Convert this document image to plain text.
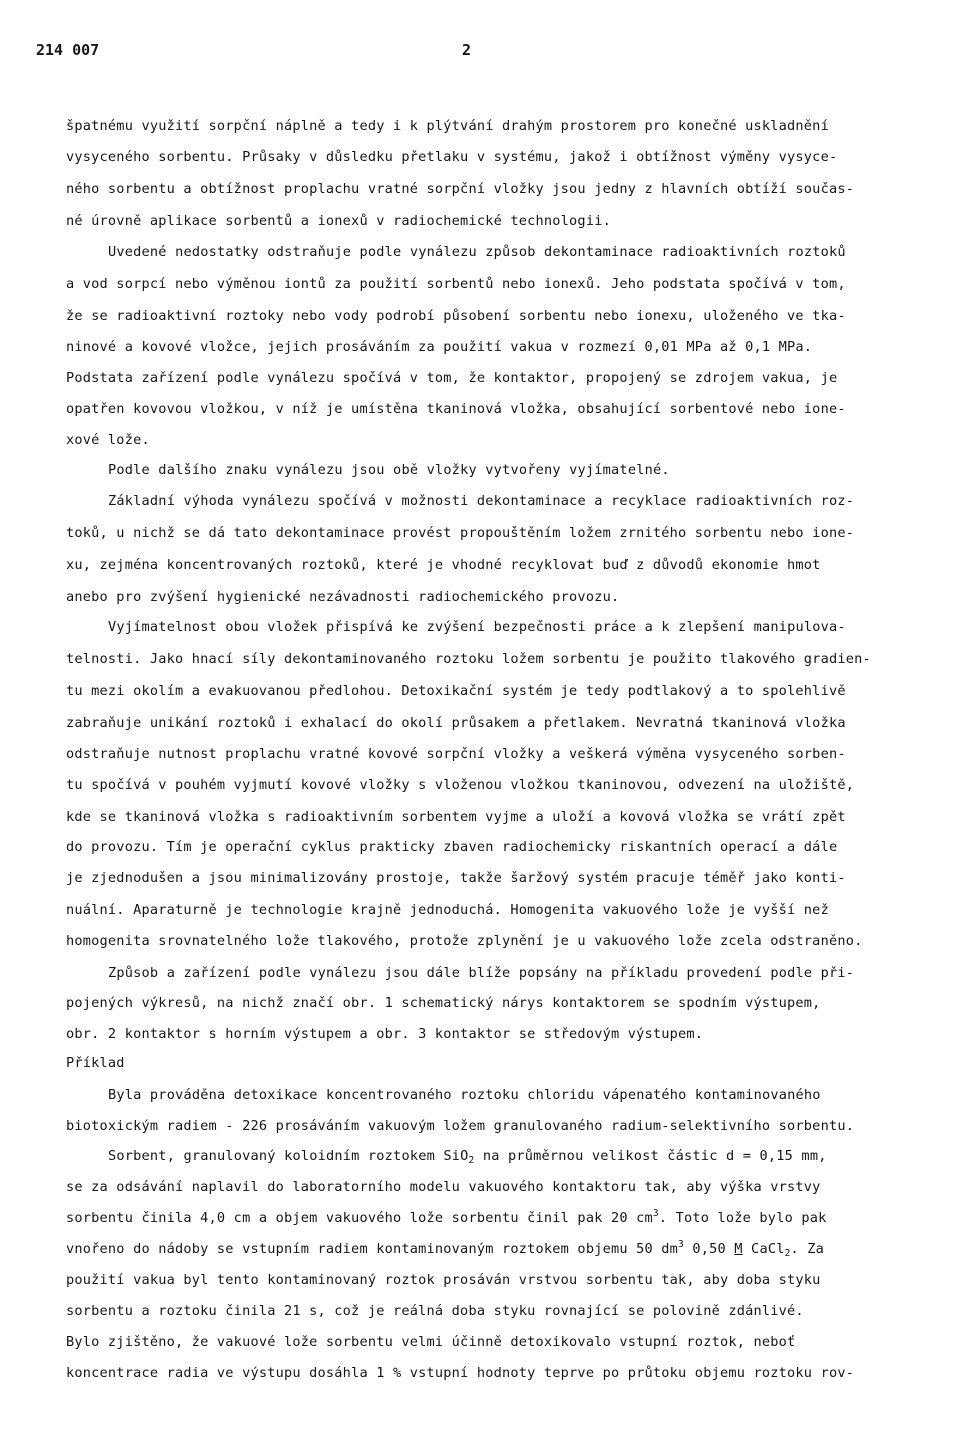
214 007	2
špatnému využití sorpční náplně a tedy i k plýtvání drahým prostorem pro konečné uskladnění
vysyceného sorbentu. Průsaky v důsledku přetlaku v systému, jakož i obtížnost výměny vysyce-
ného sorbentu a obtížnost proplachu vratné sorpční vložky jsou jedny z hlavních obtíží součas-
né úrovně aplikace sorbentů a ionexů v radiochemické technologii.
Uvedené nedostatky odstraňuje podle vynálezu způsob dekontaminace radioaktivních roztoků
a vod sorpcí nebo výměnou iontů za použití sorbentů nebo ionexů. Jeho podstata spočívá v tom,
že se radioaktivní roztoky nebo vody podrobí působení sorbentu nebo ionexu, uloženého ve tka-
ninové a kovové vložce, jejich prosáváním za použití vakua v rozmezí 0,01 MPa až 0,1 MPa.
Podstata zařízení podle vynálezu spočívá v tom, že kontaktor, propojený se zdrojem vakua, je
opatřen kovovou vložkou, v níž je umístěna tkaninová vložka, obsahující sorbentové nebo ione-
xové lože.
Podle dalšího znaku vynálezu jsou obě vložky vytvořeny vyjímatelné.
Základní výhoda vynálezu spočívá v možnosti dekontaminace a recyklace radioaktivních roz-
toků, u nichž se dá tato dekontaminace provést propouštěním ložem zrnitého sorbentu nebo ione-
xu, zejména koncentrovaných roztoků, které je vhodné recyklovat buď z důvodů ekonomie hmot
anebo pro zvýšení hygienické nezávadnosti radiochemického provozu.
Vyjímatelnost obou vložek přispívá ke zvýšení bezpečnosti práce a k zlepšení manipulova-
telnosti. Jako hnací síly dekontaminovaného roztoku ložem sorbentu je použito tlakového gradien-
tu mezi okolím a evakuovanou předlohou. Detoxikační systém je tedy podtlakový a to spolehlivě
zabraňuje unikání roztoků i exhalací do okolí průsakem a přetlakem. Nevratná tkaninová vložka
odstraňuje nutnost proplachu vratné kovové sorpční vložky a veškerá výměna vysyceného sorben-
tu spočívá v pouhém vyjmutí kovové vložky s vloženou vložkou tkaninovou, odvezení na uložiště,
kde se tkaninová vložka s radioaktivním sorbentem vyjme a uloží a kovová vložka se vrátí zpět
do provozu. Tím je operační cyklus prakticky zbaven radiochemicky riskantních operací a dále
je zjednodušen a jsou minimalizovány prostoje, takže šaržový systém pracuje téměř jako konti-
nuální. Aparaturně je technologie krajně jednoduchá. Homogenita vakuového lože je vyšší než
homogenita srovnatelného lože tlakového, protože zplynění je u vakuového lože zcela odstraněno.
Způsob a zařízení podle vynálezu jsou dále blíže popsány na příkladu provedení podle při-
pojených výkresů, na nichž značí obr. 1 schematický nárys kontaktorem se spodním výstupem,
obr. 2 kontaktor s horním výstupem a obr. 3 kontaktor se středovým výstupem.
Příklad
Byla prováděna detoxikace koncentrovaného roztoku chloridu vápenatého kontaminovaného
biotoxickým radiem - 226 prosáváním vakuovým ložem granulovaného radium-selektivního sorbentu.
Sorbent, granulovaný koloidním roztokem SiO$_2$ na průměrnou velikost částic d = 0,15 mm,
se za odsávání naplavil do laboratorního modelu vakuového kontaktoru tak, aby výška vrstvy
sorbentu činila 4,0 cm a objem vakuového lože sorbentu činil pak 20 $cm^3$. Toto lože bylo pak
vnořeno do nádoby se vstupním radiem kontaminovaným roztokem objemu 50 $dm^3$ 0,50 M CaCl$_2$. Za
použití vakua byl tento kontaminovaný roztok prosáván vrstvou sorbentu tak, aby doba styku
sorbentu a roztoku činila 21 s, což je reálná doba styku rovnající se polovině zdánlivé.
Bylo zjištěno, že vakuové lože sorbentu velmi účinně detoxikovalo vstupní roztok, neboť
koncentrace radia ve výstupu dosáhla 1 % vstupní hodnoty teprve po průtoku objemu roztoku rov-
